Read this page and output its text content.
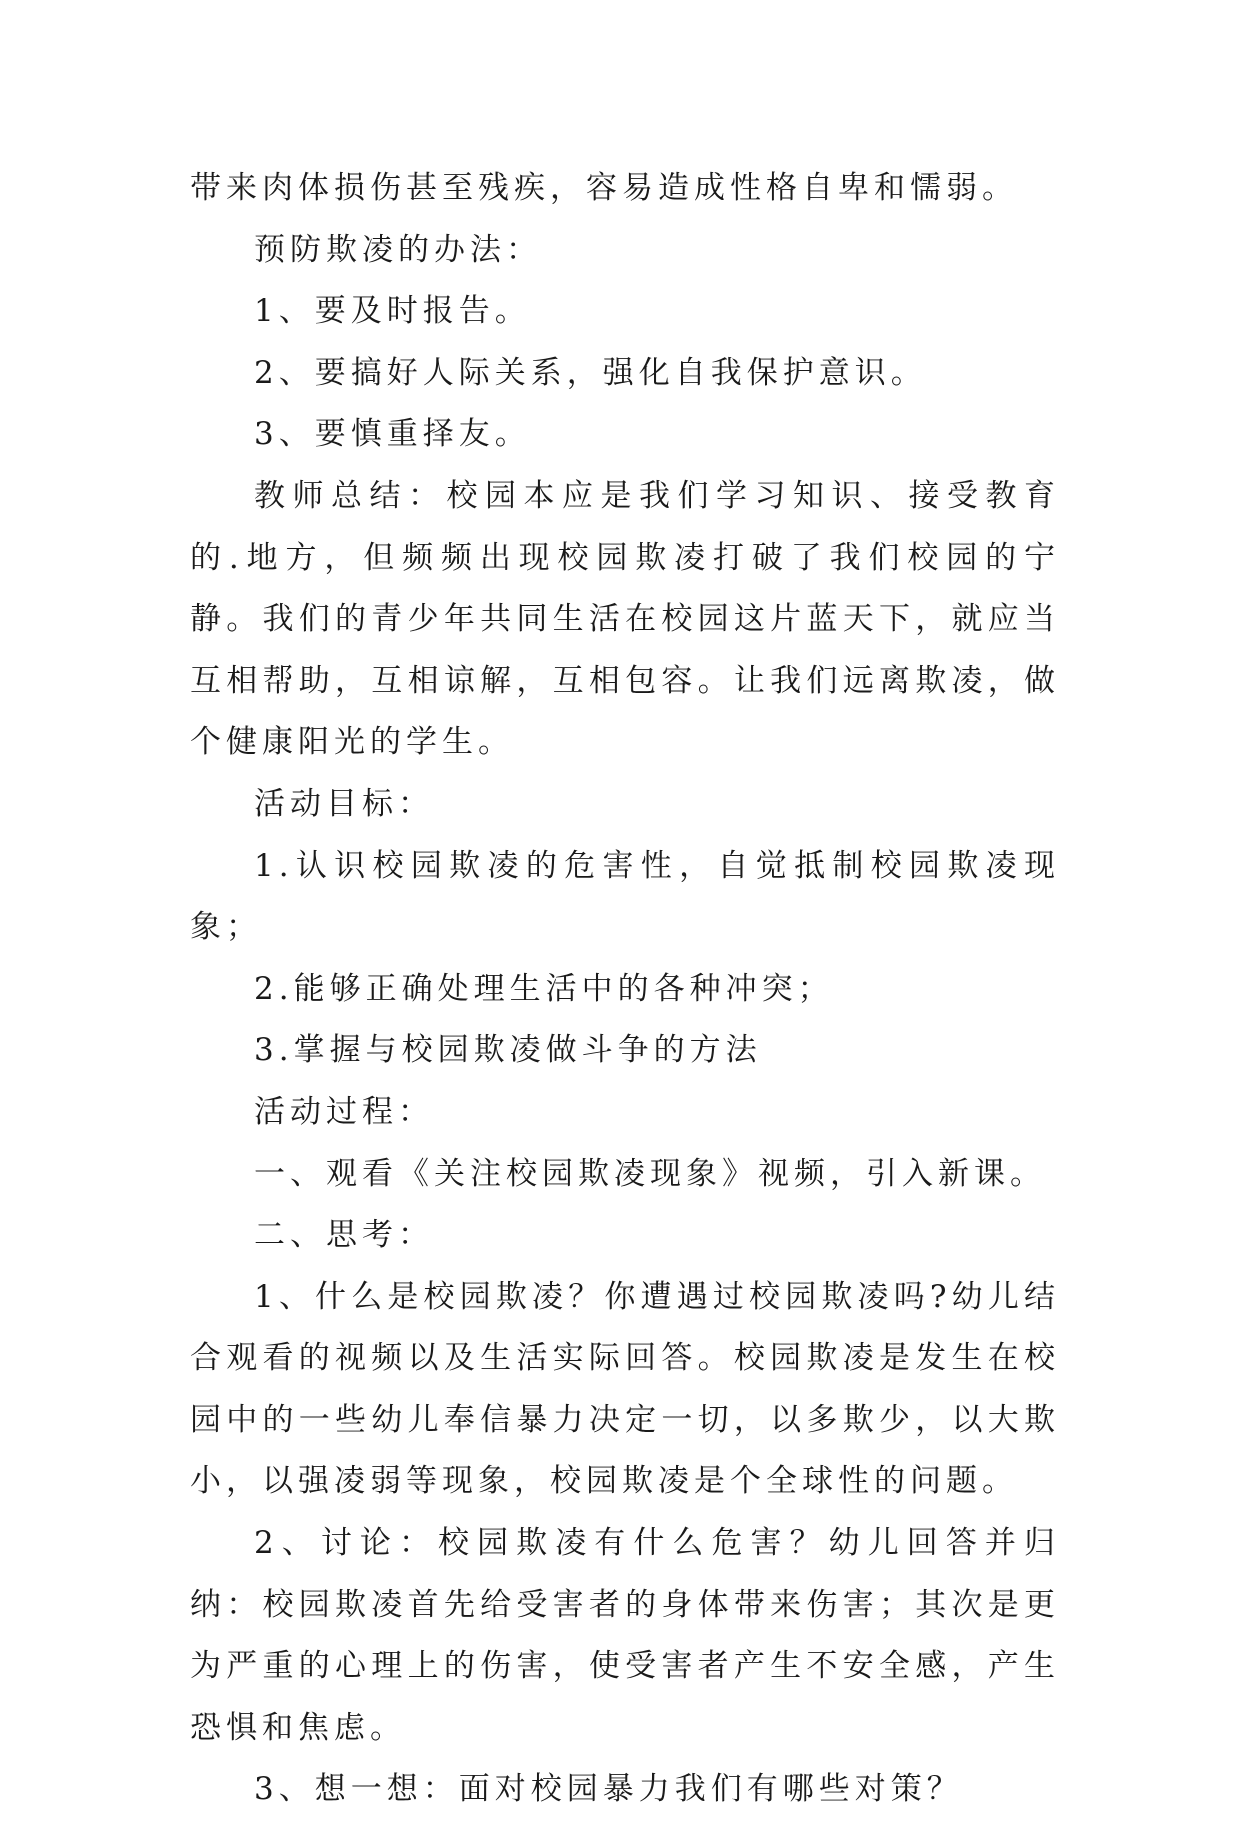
带来肉体损伤甚至残疾，容易造成性格自卑和懦弱。

预防欺凌的办法：

1、要及时报告。

2、要搞好人际关系，强化自我保护意识。

3、要慎重择友。

教师总结：校园本应是我们学习知识、接受教育的.地方，但频频出现校园欺凌打破了我们校园的宁静。我们的青少年共同生活在校园这片蓝天下，就应当互相帮助，互相谅解，互相包容。让我们远离欺凌，做个健康阳光的学生。

活动目标：

1.认识校园欺凌的危害性，自觉抵制校园欺凌现象；

2.能够正确处理生活中的各种冲突；

3.掌握与校园欺凌做斗争的方法

活动过程：

一、观看《关注校园欺凌现象》视频，引入新课。

二、思考：

1、什么是校园欺凌？你遭遇过校园欺凌吗?幼儿结合观看的视频以及生活实际回答。校园欺凌是发生在校园中的一些幼儿奉信暴力决定一切，以多欺少，以大欺小，以强凌弱等现象，校园欺凌是个全球性的问题。

2、讨论：校园欺凌有什么危害？幼儿回答并归纳：校园欺凌首先给受害者的身体带来伤害；其次是更为严重的心理上的伤害，使受害者产生不安全感，产生恐惧和焦虑。

3、想一想：面对校园暴力我们有哪些对策？
